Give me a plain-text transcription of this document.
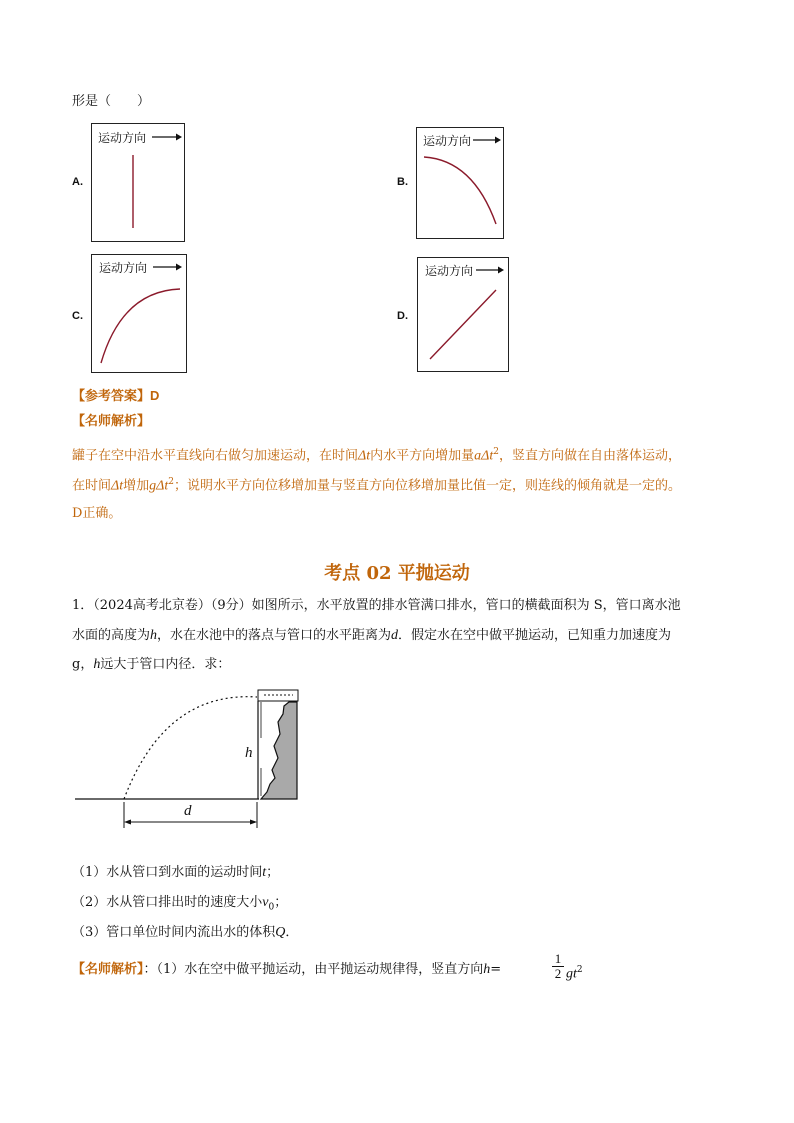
形是（　　）
A.
运动方向
B.
运动方向
C.
运动方向
D.
运动方向
【参考答案】D
【名师解析】
罐子在空中沿水平直线向右做匀加速运动，在时间Δt内水平方向增加量aΔt$^2$，竖直方向做在自由落体运动，
在时间Δt增加gΔt$^2$；说明水平方向位移增加量与竖直方向位移增加量比值一定，则连线的倾角就是一定的。
D正确。
考点 02 平抛运动
1．（2024高考北京卷）（9分）如图所示，水平放置的排水管满口排水，管口的横截面积为 S，管口离水池
水面的高度为h，水在水池中的落点与管口的水平距离为d．假定水在空中做平抛运动，已知重力加速度为
g，h远大于管口内径．求：
h
d
（1）水从管口到水面的运动时间t；
（2）水从管口排出时的速度大小$v_0$；
（3）管口单位时间内流出水的体积Q．
【名师解析】：（1）水在空中做平抛运动，由平抛运动规律得，竖直方向h=	$\frac{1}{2} gt^2$
